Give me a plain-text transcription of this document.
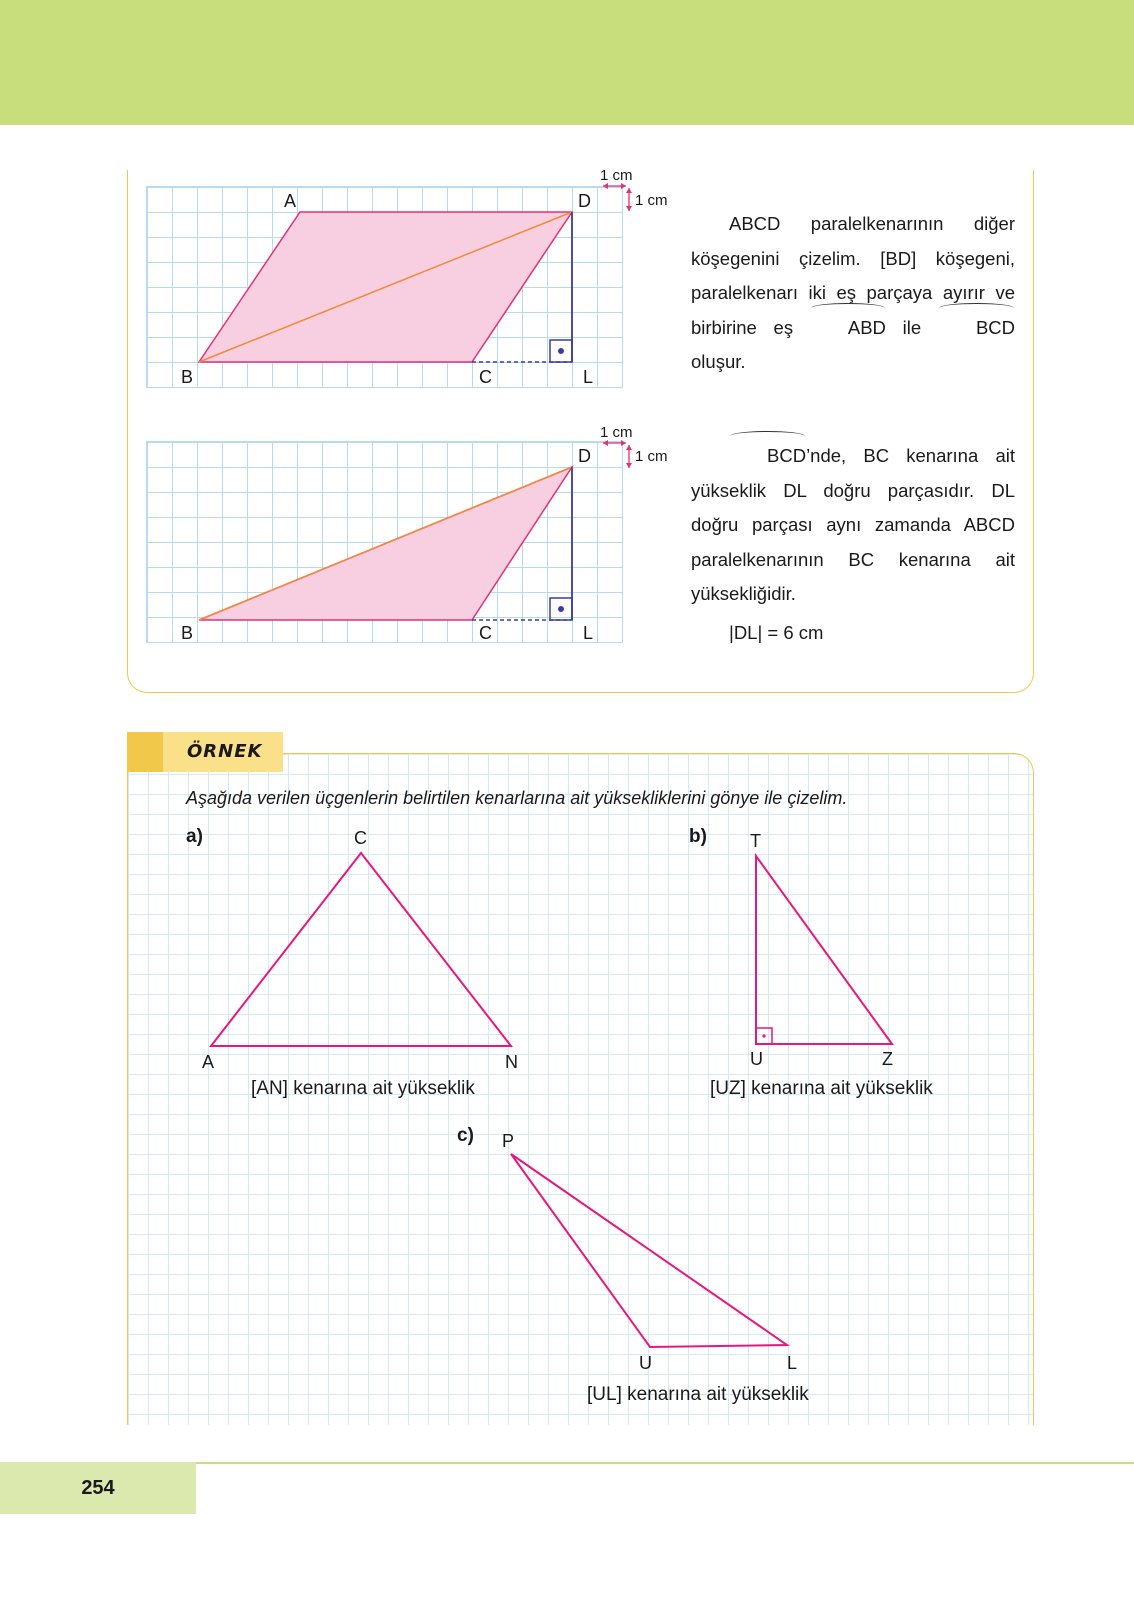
A	D
B	C	L
1 cm
1 cm

ABCD paralelkenarının diğer köşegenini çizelim. [BD] köşegeni, paralelkenarı iki eş parçaya ayırır ve birbirine eş	ABD ile BCD oluşur.

D
B	C	L
1 cm
1 cm	BCD’nde, BC kenarına ait yükseklik DL doğru parçasıdır. DL doğru parçası aynı zamanda ABCD paralelkenarının BC kenarına ait yüksekliğidir.

|DL| = 6 cm
ÖRNEK
Aşağıda verilen üçgenlerin belirtilen kenarlarına ait yüksekliklerini gönye ile çizelim.
a)	C
A	N
[AN] kenarına ait yükseklik
b) T
U	Z
[UZ] kenarına ait yükseklik
c) P
U	L
[UL] kenarına ait yükseklik
254
